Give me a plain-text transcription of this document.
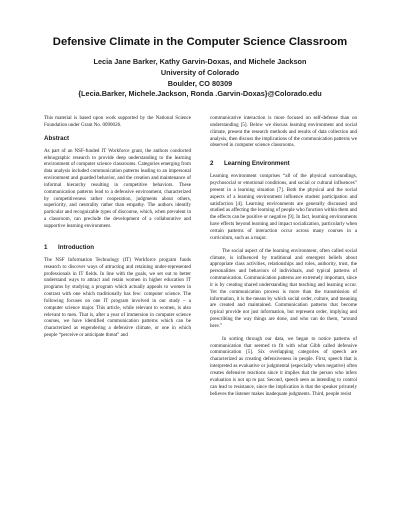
Defensive Climate in the Computer Science Classroom
Lecia Jane Barker, Kathy Garvin-Doxas, and Michele Jackson
University of Colorado
Boulder, CO 80309
{Lecia.Barker, Michele.Jackson, Ronda .Garvin-Doxas}@Colorado.edu

This material is based upon work supported by the National Science Foundation under Grant No. 0090026.

Abstract

As part of an NSF-funded IT Workforce grant, the authors conducted ethnographic research to provide deep understanding to the learning environment of computer science classrooms. Categories emerging from data analysis included communication patterns leading to an impersonal environment and guarded behavior, and the creation and maintenance of informal hierarchy resulting in competitive behaviors. These communication patterns lead to a defensive environment, characterized by competitiveness rather cooperation, judgments about others, superiority, and neutrality rather than empathy. The authors identify particular and recognizable types of discourse, which, when prevalent in a classroom, can preclude the development of a collaborative and supportive learning environment.

1 Introduction

The NSF Information Technology (IT) Workforce program funds research to discover ways of attracting and retaining under-represented professionals in IT fields. In line with the goals, we set out to better understand ways to attract and retain women in higher education IT programs by studying a program which actually appeals to women in contrast with one which traditionally has few: computer science. The following focuses on one IT program involved in our study – a computer science major. This article, while relevant to women, is also relevant to men. That is, after a year of immersion in computer science courses, we have identified communication patterns which can be characterized as engendering a defensive climate, or one in which people “perceive or anticipate threat” and

communicative interaction is more focused on self-defense than on understanding [5]. Below we discuss learning environment and social climate, present the research methods and results of data collection and analysis, then discuss the implications of the communication patterns we observed in computer science classrooms.

2 Learning Environment

Learning environment comprises “all of the physical surroundings, psychosocial or emotional conditions, and social or cultural influences” present in a learning situation [7]. Both the physical and the social aspects of a learning environment influence student participation and satisfaction [4]. Learning environments are generally discussed and studied as affecting the learning of people who function within them and the effects can be positive or negative [9]. In fact, learning environments have effects beyond learning and impact socialization, particularly when certain patterns of interaction occur across many courses in a curriculum, such as a major.

The social aspect of the learning environment, often called social climate, is influenced by traditional and emergent beliefs about appropriate class activities, relationships and roles, authority, trust, the personalities and behaviors of individuals, and typical patterns of communication. Communication patterns are extremely important, since it is by creating shared understanding that teaching and learning occur. Yet the communication process is more than the transmission of information, it is the means by which social order, culture, and meaning are created and maintained. Communication patterns that become typical provide not just information, but represent order, implying and prescribing the way things are done, and who can do them, “around here.”

In sorting through our data, we began to notice patterns of communication that seemed to fit with what Gibb called defensive communication [5]. Six overlapping categories of speech are characterized as creating defensiveness in people. First, speech that is interpreted as evaluative or judgmental (especially when negative) often creates defensive reactions since it implies that the person who infers evaluation is not up to par. Second, speech seen as intending to control can lead to resistance, since the implication is that the speaker privately believes the listener makes inadequate judgments. Third, people resist
